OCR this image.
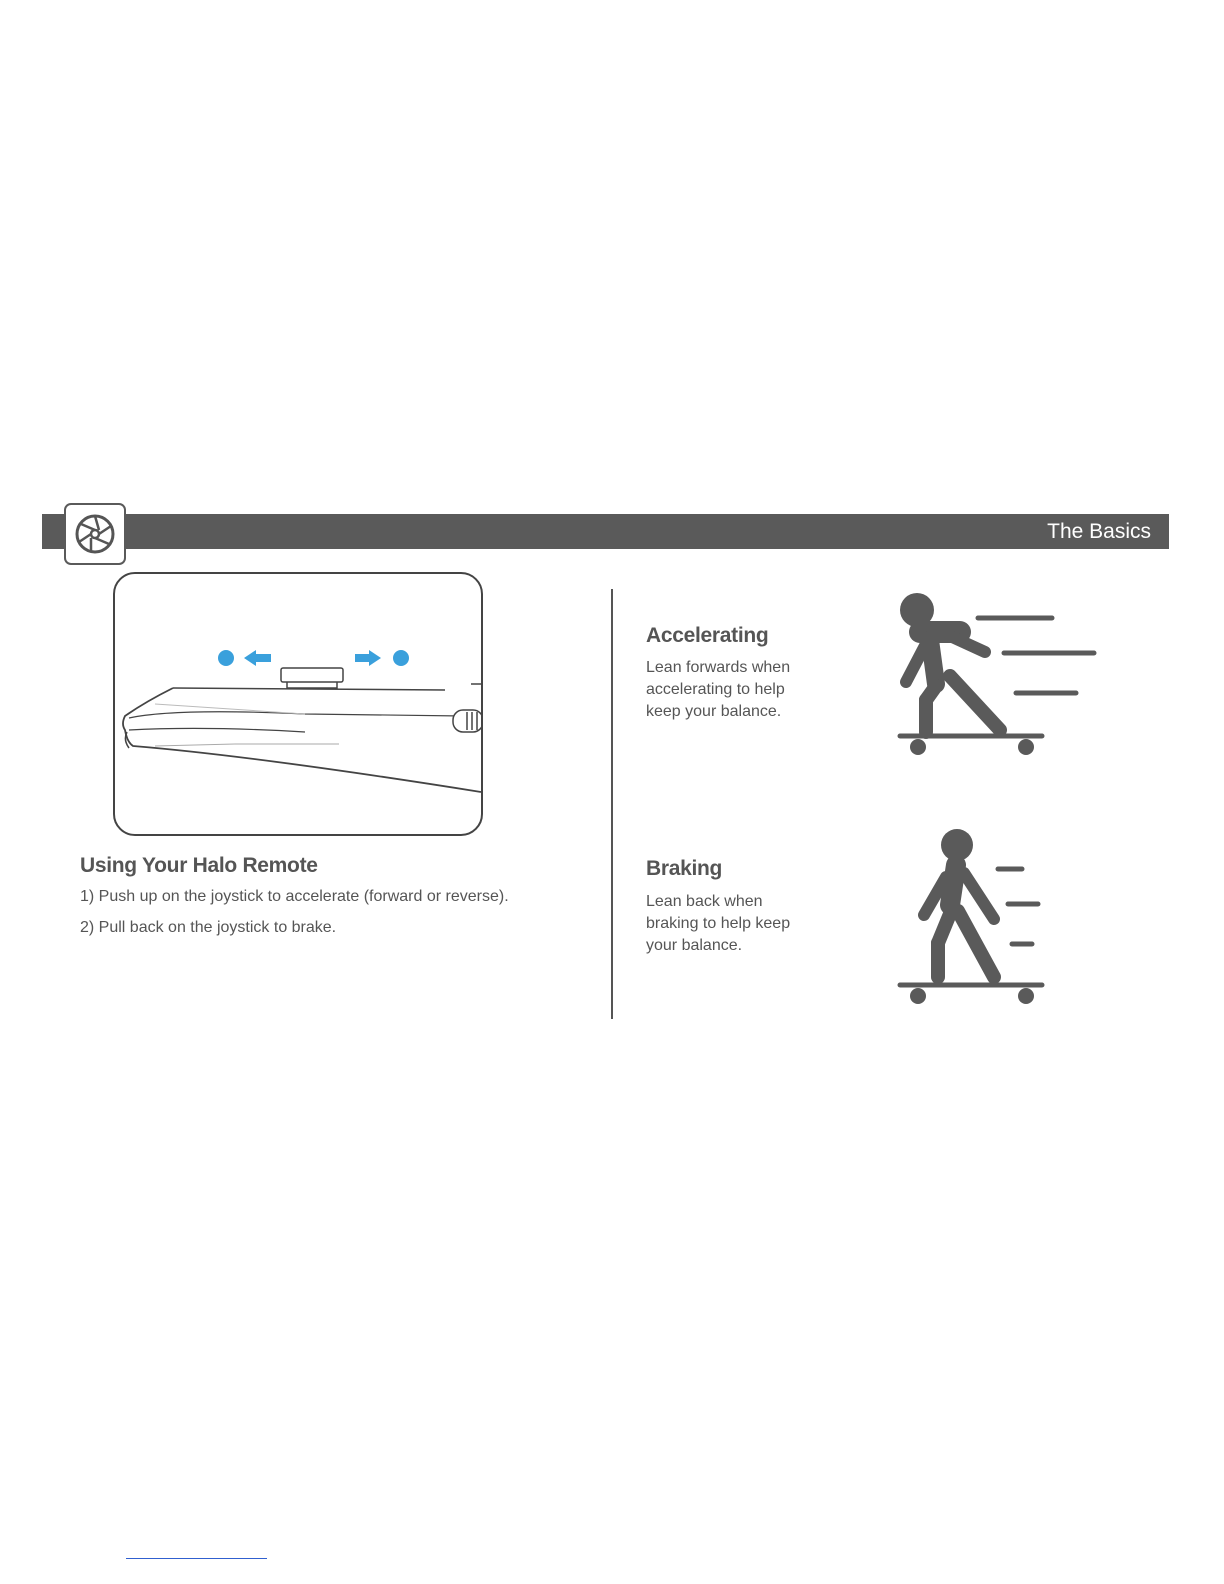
The Basics
Using Your Halo Remote

1) Push up on the joystick to accelerate (forward or reverse).

2) Pull back on the joystick to brake.

Accelerating
Lean forwards when
accelerating to help
keep your balance.
Braking
Lean back when
braking to help keep
your balance.
